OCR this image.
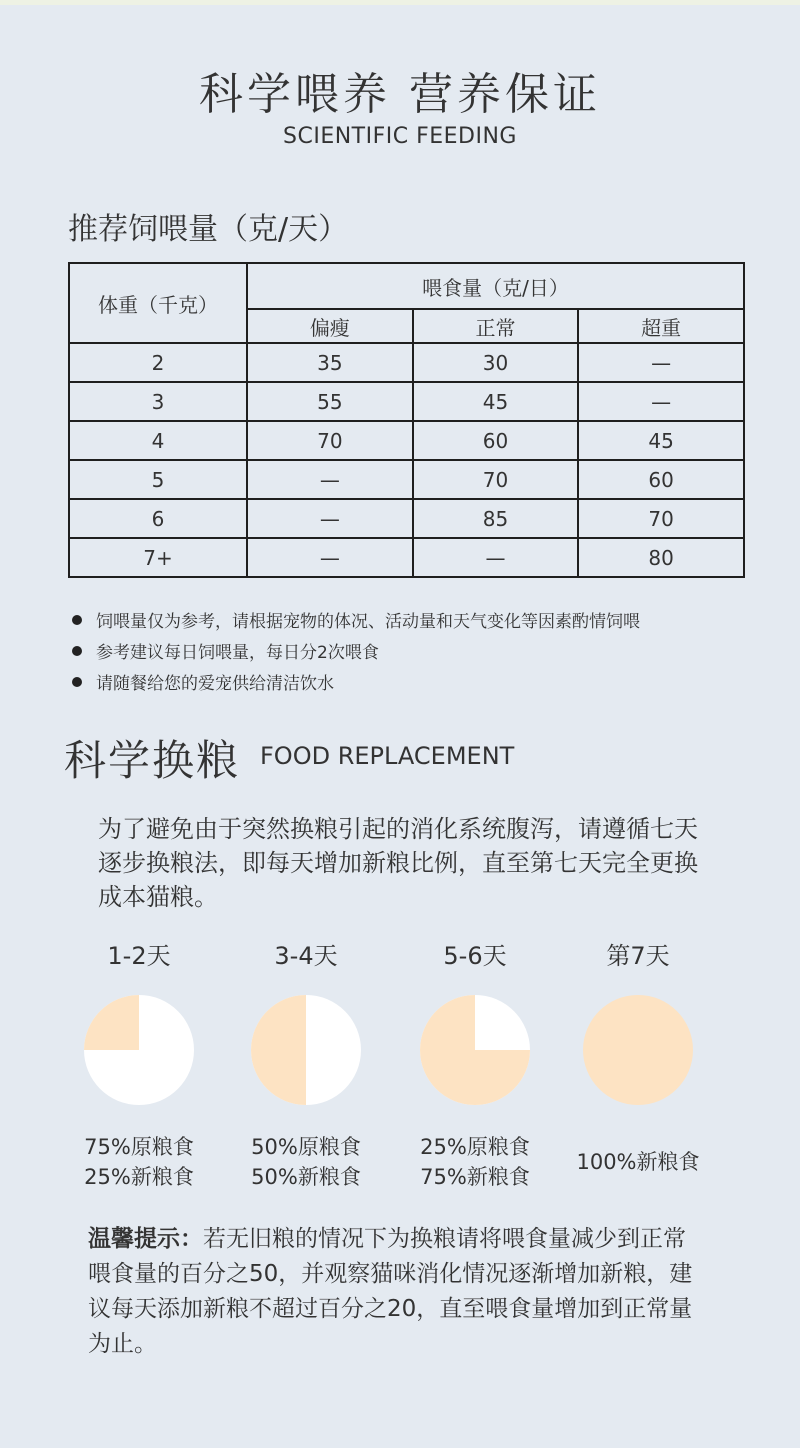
科学喂养 营养保证
SCIENTIFIC FEEDING
推荐饲喂量（克/天）
体重（千克）	喂食量（克/日）		
	偏瘦	正常	超重
2	35	30	—
3	55	45	—
4	70	60	45
5	—	70	60
6	—	85	70
7+	—	—	80
饲喂量仅为参考，请根据宠物的体况、活动量和天气变化等因素酌情饲喂
参考建议每日饲喂量，每日分2次喂食
请随餐给您的爱宠供给清洁饮水
科学换粮 FOOD REPLACEMENT
为了避免由于突然换粮引起的消化系统腹泻，请遵循七天逐步换粮法，即每天增加新粮比例，直至第七天完全更换成本猫粮。
1-2天
75%原粮食
25%新粮食
3-4天
50%原粮食
50%新粮食
5-6天
25%原粮食
75%新粮食
第7天
100%新粮食
温馨提示：若无旧粮的情况下为换粮请将喂食量减少到正常喂食量的百分之50，并观察猫咪消化情况逐渐增加新粮，建议每天添加新粮不超过百分之20，直至喂食量增加到正常量为止。
